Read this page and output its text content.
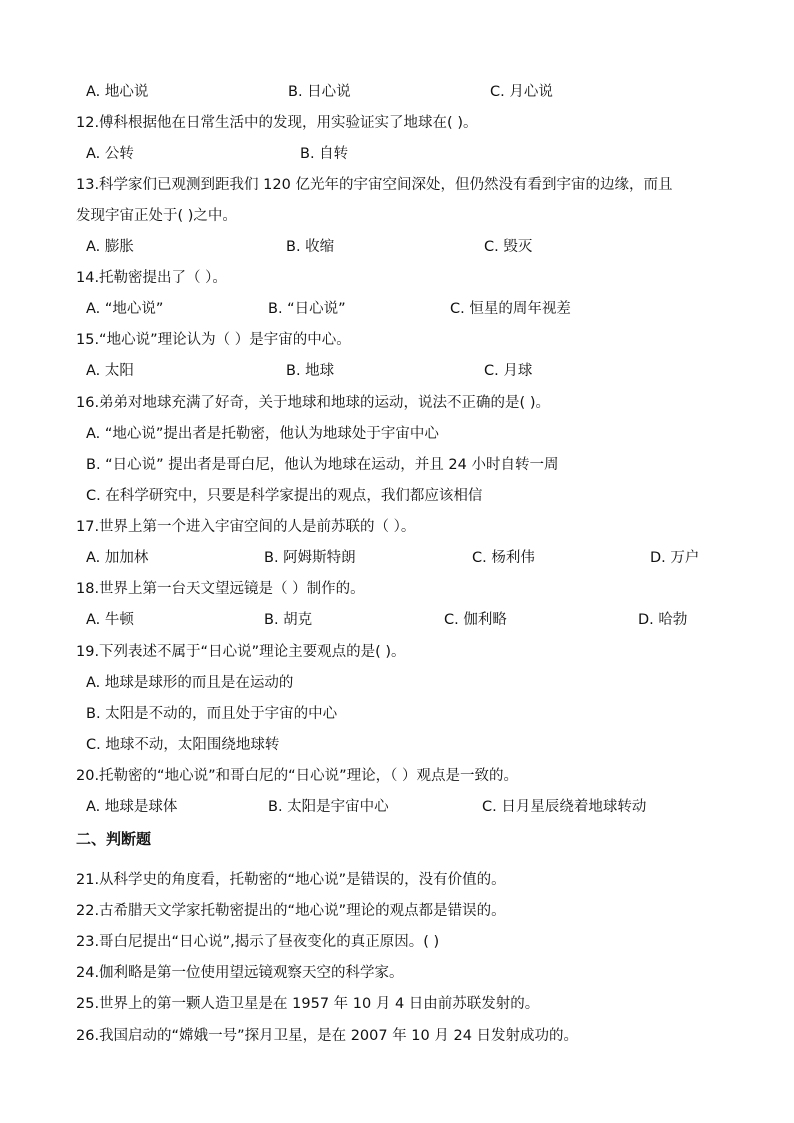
A. 地心说	B. 日心说	C. 月心说
12.傅科根据他在日常生活中的发现，用实验证实了地球在( )。
A. 公转	B. 自转
13.科学家们已观测到距我们 120 亿光年的宇宙空间深处，但仍然没有看到宇宙的边缘，而且
发现宇宙正处于( )之中。
A. 膨胀	B. 收缩	C. 毁灭
14.托勒密提出了（ ）。
A. “地心说”	B. “日心说”	C. 恒星的周年视差
15.“地心说”理论认为（ ）是宇宙的中心。
A. 太阳	B. 地球	C. 月球
16.弟弟对地球充满了好奇，关于地球和地球的运动，说法不正确的是( )。
A. “地心说”提出者是托勒密，他认为地球处于宇宙中心
B. “日心说” 提出者是哥白尼，他认为地球在运动，并且 24 小时自转一周
C. 在科学研究中，只要是科学家提出的观点，我们都应该相信
17.世界上第一个进入宇宙空间的人是前苏联的（ ）。
A. 加加林	B. 阿姆斯特朗	C. 杨利伟	D. 万户
18.世界上第一台天文望远镜是（ ）制作的。
A. 牛顿	B. 胡克	C. 伽利略	D. 哈勃
19.下列表述不属于“日心说”理论主要观点的是( )。
A. 地球是球形的而且是在运动的
B. 太阳是不动的，而且处于宇宙的中心
C. 地球不动，太阳围绕地球转
20.托勒密的“地心说”和哥白尼的“日心说”理论，（ ）观点是一致的。
A. 地球是球体	B. 太阳是宇宙中心	C. 日月星辰绕着地球转动
二、判断题
21.从科学史的角度看，托勒密的“地心说”是错误的，没有价值的。
22.古希腊天文学家托勒密提出的“地心说”理论的观点都是错误的。
23.哥白尼提出“日心说”,揭示了昼夜变化的真正原因。( )
24.伽利略是第一位使用望远镜观察天空的科学家。
25.世界上的第一颗人造卫星是在 1957 年 10 月 4 日由前苏联发射的。
26.我国启动的“嫦娥一号”探月卫星，是在 2007 年 10 月 24 日发射成功的。
